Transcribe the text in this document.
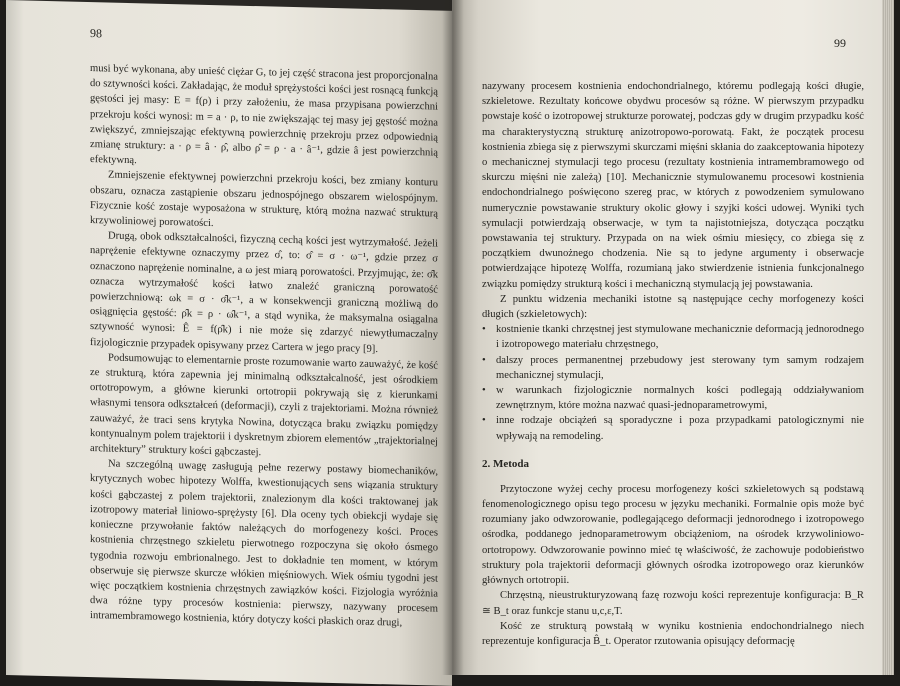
98

musi być wykonana, aby unieść ciężar G, to jej część stracona jest proporcjonalna do sztywności kości. Zakładając, że moduł sprężystości kości jest rosnącą funkcją gęstości jej masy: E = f(ρ) i przy założeniu, że masa przypisana powierzchni przekroju kości wynosi: m = a · ρ, to nie zwiększając tej masy jej gęstość można zwiększyć, zmniejszając efektywną powierzchnię przekroju przez odpowiednią zmianę struktury: a · ρ = â · ρ̂, albo ρ̂ = ρ · a · â⁻¹, gdzie â jest powierzchnią efektywną.

Zmniejszenie efektywnej powierzchni przekroju kości, bez zmiany konturu obszaru, oznacza zastąpienie obszaru jednospójnego obszarem wielospójnym. Fizycznie kość zostaje wyposażona w strukturę, którą można nazwać strukturą krzywoliniowej porowatości.

Drugą, obok odkształcalności, fizyczną cechą kości jest wytrzymałość. Jeżeli naprężenie efektywne oznaczymy przez σ̂, to: σ̂ = σ · ω⁻¹, gdzie przez σ oznaczono naprężenie nominalne, a ω jest miarą porowatości. Przyjmując, że: σ̂k oznacza wytrzymałość kości łatwo znaleźć graniczną porowatość powierzchniową: ωk = σ · σ̂k⁻¹, a w konsekwencji graniczną możliwą do osiągnięcia gęstość: ρ̂k = ρ · ω̂k⁻¹, a stąd wynika, że maksymalna osiągalna sztywność wynosi: Ê = f(ρ̂k) i nie może się zdarzyć niewytłumaczalny fizjologicznie przypadek opisywany przez Cartera w jego pracy [9].

Podsumowując to elementarnie proste rozumowanie warto zauważyć, że kość ze strukturą, która zapewnia jej minimalną odkształcalność, jest ośrodkiem ortotropowym, a główne kierunki ortotropii pokrywają się z kierunkami własnymi tensora odkształceń (deformacji), czyli z trajektoriami. Można również zauważyć, że traci sens krytyka Nowina, dotycząca braku związku pomiędzy kontynualnym polem trajektorii i dyskretnym zbiorem elementów „trajektorialnej architektury” struktury kości gąbczastej.

Na szczególną uwagę zasługują pełne rezerwy postawy biomechaników, krytycznych wobec hipotezy Wolffa, kwestionujących sens wiązania struktury kości gąbczastej z polem trajektorii, znalezionym dla kości traktowanej jak izotropowy materiał liniowo-sprężysty [6]. Dla oceny tych obiekcji wydaje się konieczne przywołanie faktów należących do morfogenezy kości. Proces kostnienia chrzęstnego szkieletu pierwotnego rozpoczyna się około ósmego tygodnia rozwoju embrionalnego. Jest to dokładnie ten moment, w którym obserwuje się pierwsze skurcze włókien mięśniowych. Wiek ośmiu tygodni jest więc początkiem kostnienia chrzęstnych zawiązków kości. Fizjologia wyróżnia dwa różne typy procesów kostnienia: pierwszy, nazywany procesem intramembramowego kostnienia, który dotyczy kości płaskich oraz drugi,

99

nazywany procesem kostnienia endochondrialnego, któremu podlegają kości długie, szkieletowe. Rezultaty końcowe obydwu procesów są różne. W pierwszym przypadku powstaje kość o izotropowej strukturze porowatej, podczas gdy w drugim przypadku kość ma charakterystyczną strukturę anizotropowo-porowatą. Fakt, że początek procesu kostnienia zbiega się z pierwszymi skurczami mięśni skłania do zaakceptowania hipotezy o mechanicznej stymulacji tego procesu (rezultaty kostnienia intramembramowego od skurczu mięśni nie zależą) [10]. Mechanicznie stymulowanemu procesowi kostnienia endochondrialnego poświęcono szereg prac, w których z powodzeniem symulowano numerycznie powstawanie struktury okolic głowy i szyjki kości udowej. Wyniki tych symulacji potwierdzają obserwacje, w tym ta najistotniejsza, dotycząca początku powstawania tej struktury. Przypada on na wiek ośmiu miesięcy, co zbiega się z początkiem dwunożnego chodzenia. Nie są to jedyne argumenty i obserwacje potwierdzające hipotezę Wolffa, rozumianą jako stwierdzenie istnienia funkcjonalnego związku pomiędzy strukturą kości i mechaniczną stymulacją jej powstawania.

Z punktu widzenia mechaniki istotne są następujące cechy morfogenezy kości długich (szkieletowych):

• kostnienie tkanki chrzęstnej jest stymulowane mechanicznie deformacją jednorodnego i izotropowego materiału chrzęstnego,
• dalszy proces permanentnej przebudowy jest sterowany tym samym rodzajem mechanicznej stymulacji,
• w warunkach fizjologicznie normalnych kości podlegają oddziaływaniom zewnętrznym, które można nazwać quasi-jednoparametrowymi,
• inne rodzaje obciążeń są sporadyczne i poza przypadkami patologicznymi nie wpływają na remodeling.
2. Metoda

Przytoczone wyżej cechy procesu morfogenezy kości szkieletowych są podstawą fenomenologicznego opisu tego procesu w języku mechaniki. Formalnie opis może być rozumiany jako odwzorowanie, podlegającego deformacji jednorodnego i izotropowego ośrodka, poddanego jednoparametrowym obciążeniom, na ośrodek krzywoliniowo-ortotropowy. Odwzorowanie powinno mieć tę właściwość, że zachowuje podobieństwo struktury pola trajektorii deformacji głównych ośrodka izotropowego oraz kierunków głównych ortotropii.

Chrzęstną, nieustrukturyzowaną fazę rozwoju kości reprezentuje konfiguracja: B_R ≅ B_t oraz funkcje stanu u,c,ε,T.

Kość ze strukturą powstałą w wyniku kostnienia endochondrialnego niech reprezentuje konfiguracja B̂_t. Operator rzutowania opisujący deformację
